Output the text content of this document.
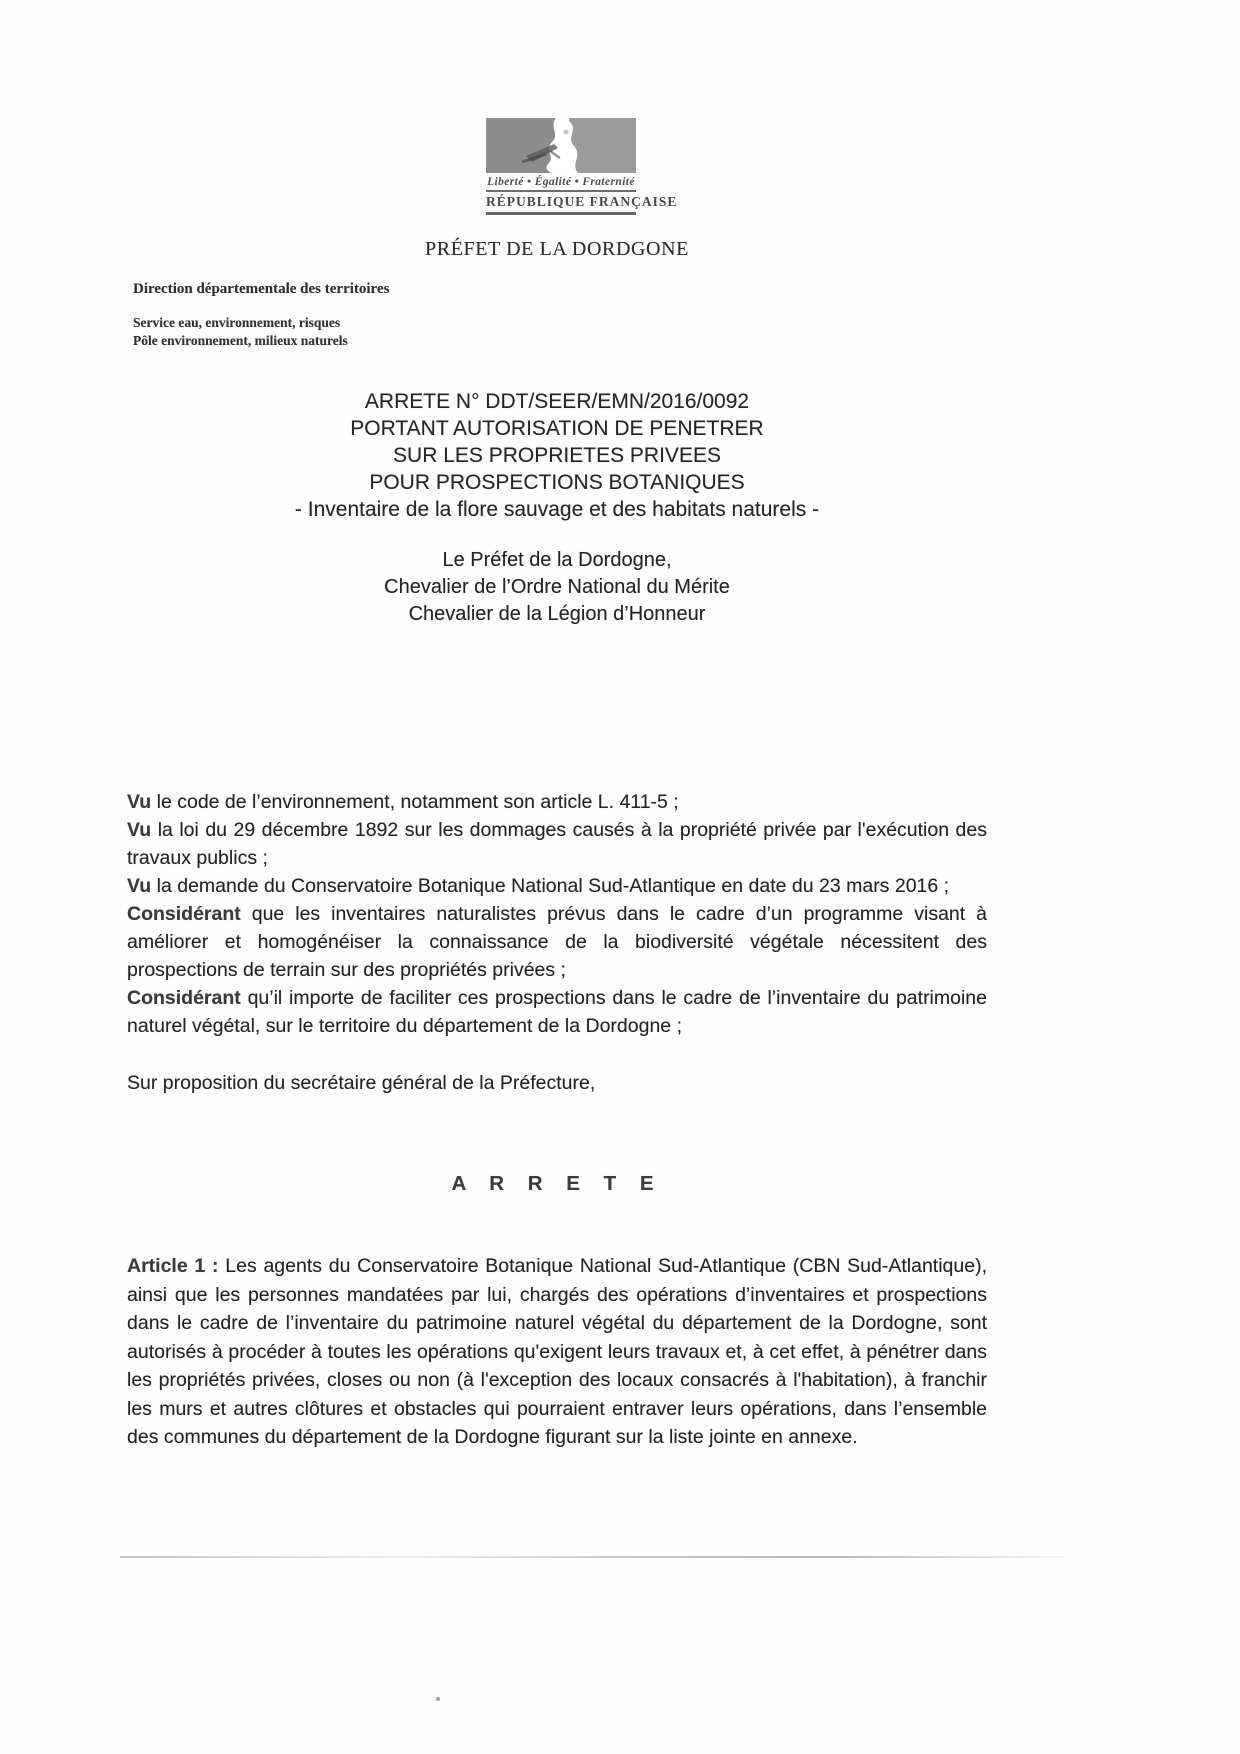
Liberté • Égalité • Fraternité
RÉPUBLIQUE FRANÇAISE
PRÉFET DE LA DORDGONE
Direction départementale des territoires
Service eau, environnement, risques
Pôle environnement, milieux naturels
ARRETE N° DDT/SEER/EMN/2016/0092
PORTANT AUTORISATION DE PENETRER
SUR LES PROPRIETES PRIVEES
POUR PROSPECTIONS BOTANIQUES
- Inventaire de la flore sauvage et des habitats naturels -
Le Préfet de la Dordogne,
Chevalier de l’Ordre National du Mérite
Chevalier de la Légion d’Honneur

Vu le code de l’environnement, notamment son article L. 411-5 ;

Vu la loi du 29 décembre 1892 sur les dommages causés à la propriété privée par l'exécution des travaux publics ;

Vu la demande du Conservatoire Botanique National Sud-Atlantique en date du 23 mars 2016 ;

Considérant que les inventaires naturalistes prévus dans le cadre d’un programme visant à améliorer et homogénéiser la connaissance de la biodiversité végétale nécessitent des prospections de terrain sur des propriétés privées ;

Considérant qu’il importe de faciliter ces prospections dans le cadre de l’inventaire du patrimoine naturel végétal, sur le territoire du département de la Dordogne ;

Sur proposition du secrétaire général de la Préfecture,

A R R E T E

Article 1 : Les agents du Conservatoire Botanique National Sud-Atlantique (CBN Sud-Atlantique), ainsi que les personnes mandatées par lui, chargés des opérations d’inventaires et prospections dans le cadre de l’inventaire du patrimoine naturel végétal du département de la Dordogne, sont autorisés à procéder à toutes les opérations qu'exigent leurs travaux et, à cet effet, à pénétrer dans les propriétés privées, closes ou non (à l'exception des locaux consacrés à l'habitation), à franchir les murs et autres clôtures et obstacles qui pourraient entraver leurs opérations, dans l’ensemble des communes du département de la Dordogne figurant sur la liste jointe en annexe.
